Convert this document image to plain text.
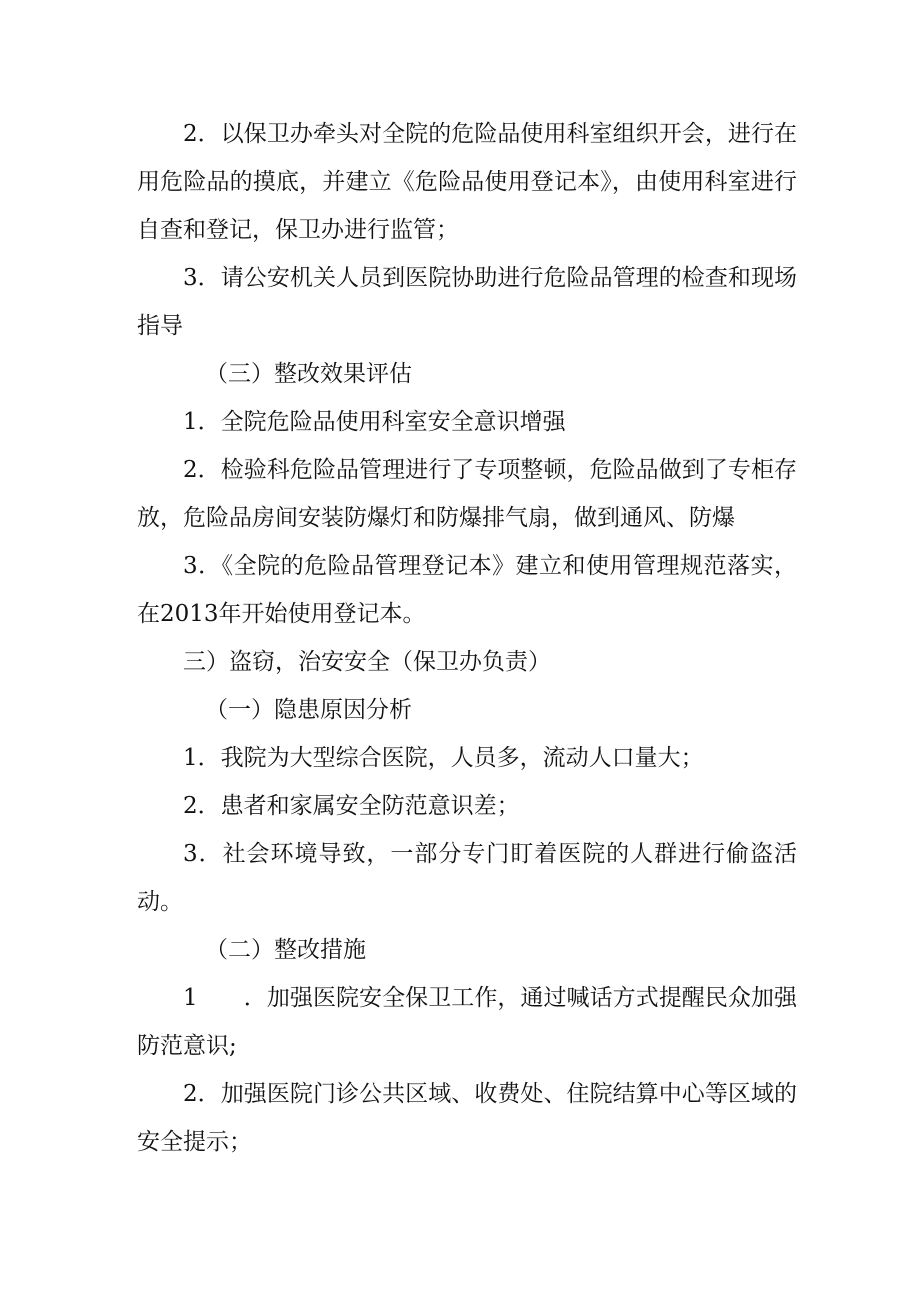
2．以保卫办牵头对全院的危险品使用科室组织开会，进行在用危险品的摸底，并建立《危险品使用登记本》，由使用科室进行自查和登记，保卫办进行监管；

3．请公安机关人员到医院协助进行危险品管理的检查和现场指导

（三）整改效果评估

1．全院危险品使用科室安全意识增强

2．检验科危险品管理进行了专项整顿，危险品做到了专柜存放，危险品房间安装防爆灯和防爆排气扇，做到通风、防爆

3．《全院的危险品管理登记本》建立和使用管理规范落实，在2013年开始使用登记本。

三）盗窃，治安安全（保卫办负责）

（一）隐患原因分析

1．我院为大型综合医院，人员多，流动人口量大；

2．患者和家属安全防范意识差；

3．社会环境导致，一部分专门盯着医院的人群进行偷盗活动。

（二）整改措施

1　　．加强医院安全保卫工作，通过喊话方式提醒民众加强防范意识;

2．加强医院门诊公共区域、收费处、住院结算中心等区域的安全提示；
